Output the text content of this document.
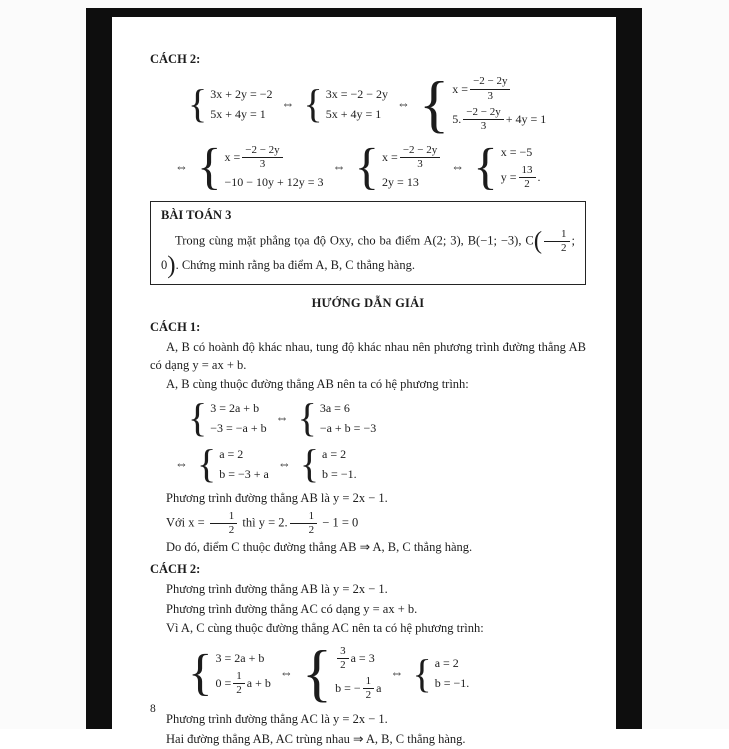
CÁCH 2:
{ 3x + 2y = −2
5x + 4y = 1
⇔ { 3x = −2 − 2y
5x + 4y = 1
⇔ { $x = \frac{-2 - 2y}{3}$
5. $\frac{-2 - 2y}{3} + 4y = 1$
⇔ { $x = \frac{-2 - 2y}{3}$
−10 − 10y + 12y = 3
⇔ { $x = \frac{-2 - 2y}{3}$
2y = 13
⇔ { x = −5
$y = \frac{13}{2}$ .
BÀI TOÁN 3

Trong cùng mặt phẳng tọa độ Oxy, cho ba điểm A(2; 3), B(−1; −3), $C( \frac{1}{2}$ ; 0). Chứng minh rằng ba điểm A, B, C thẳng hàng.

HƯỚNG DẪN GIẢI
CÁCH 1:

A, B có hoành độ khác nhau, tung độ khác nhau nên phương trình đường thẳng AB có dạng y = ax + b.

A, B cùng thuộc đường thẳng AB nên ta có hệ phương trình:

{ 3 = 2a + b
−3 = −a + b
⇔ { 3a = 6
−a + b = −3
⇔ { a = 2
b = −3 + a
⇔ { a = 2
b = −1.

Phương trình đường thẳng AB là y = 2x − 1.

Với $x = \frac{1}{2}$ thì y = 2. $\frac{1}{2} - 1 = 0$

Do đó, điểm C thuộc đường thẳng AB ⇒ A, B, C thẳng hàng.

CÁCH 2:

Phương trình đường thẳng AB là y = 2x − 1.

Phương trình đường thẳng AC có dạng y = ax + b.

Vì A, C cùng thuộc đường thẳng AC nên ta có hệ phương trình:

{ 3 = 2a + b
$0 = \frac{1}{2}$ a + b
⇔ { $\frac{3}{2}$ a = 3
b = − $\frac{1}{2}$ a
⇔ { a = 2
b = −1.

Phương trình đường thẳng AC là y = 2x − 1.

Hai đường thẳng AB, AC trùng nhau ⇒ A, B, C thẳng hàng.

8
